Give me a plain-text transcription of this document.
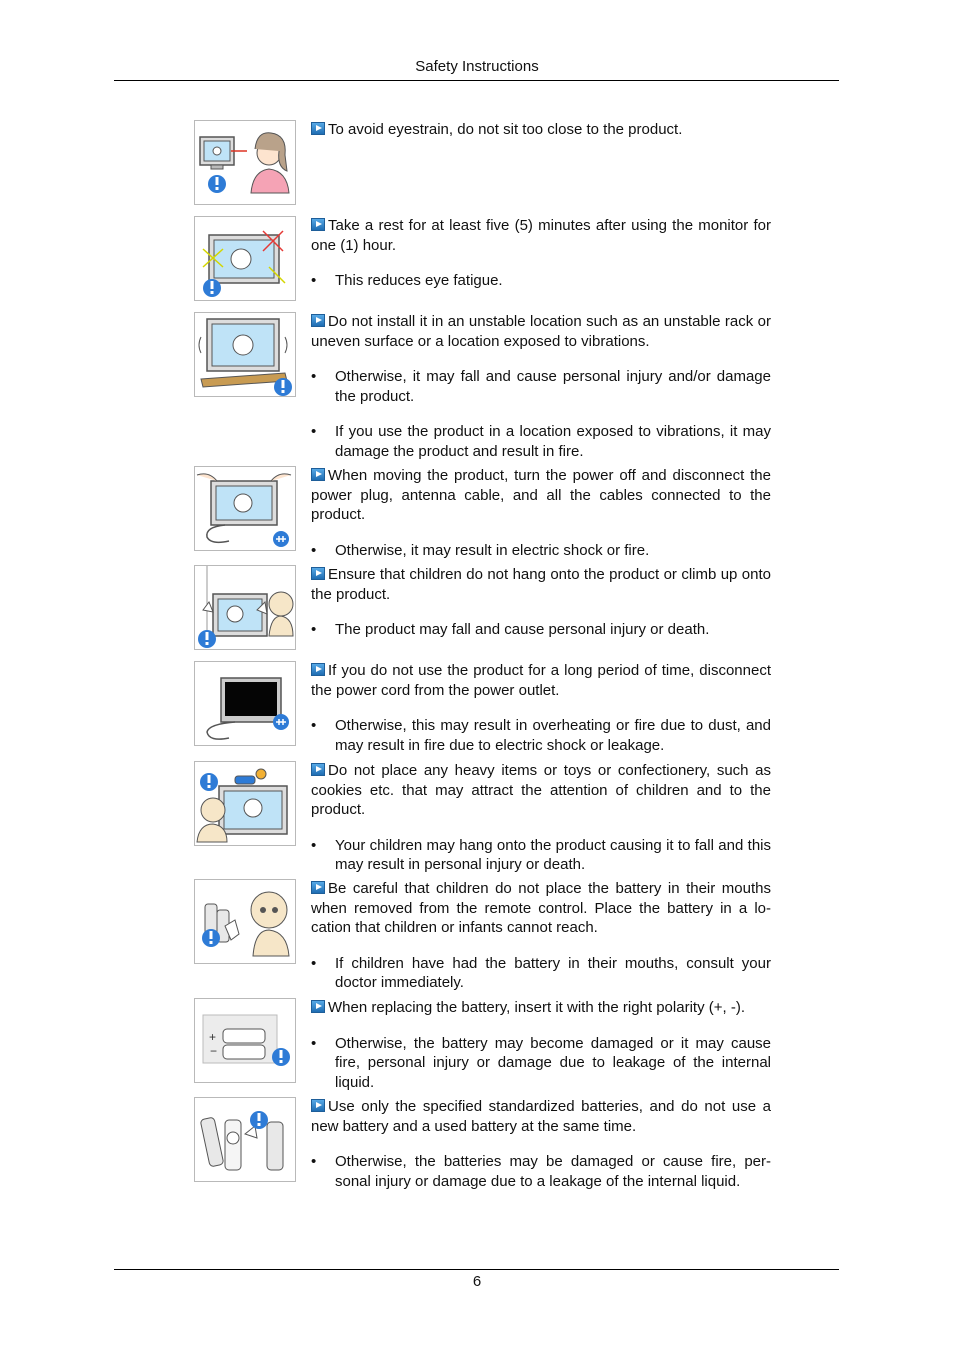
Safety Instructions

To avoid eyestrain, do not sit too close to the product.

Take a rest for at least five (5) minutes after using the monitor for one (1) hour.

• This reduces eye fatigue.

Do not install it in an unstable location such as an unstable rack or uneven surface or a location exposed to vibrations.

• Otherwise, it may fall and cause personal injury and/or damage the product.

• If you use the product in a location exposed to vibrations, it may damage the product and result in fire.

When moving the product, turn the power off and disconnect the power plug, antenna cable, and all the cables connected to the product.

• Otherwise, it may result in electric shock or fire.

Ensure that children do not hang onto the product or climb up onto the product.

• The product may fall and cause personal injury or death.

If you do not use the product for a long period of time, disconnect the power cord from the power outlet.

• Otherwise, this may result in overheating or fire due to dust, and may result in fire due to electric shock or leakage.

Do not place any heavy items or toys or confectionery, such as cookies etc. that may attract the attention of children and to the product.

• Your children may hang onto the product causing it to fall and this may result in personal injury or death.

Be careful that children do not place the battery in their mouths when removed from the remote control. Place the battery in a lo-cation that children or infants cannot reach.

• If children have had the battery in their mouths, consult your doctor immediately.

+
−

When replacing the battery, insert it with the right polarity (+, -).

• Otherwise, the battery may become damaged or it may cause fire, personal injury or damage due to leakage of the internal liquid.

Use only the specified standardized batteries, and do not use a new battery and a used battery at the same time.

• Otherwise, the batteries may be damaged or cause fire, per-sonal injury or damage due to a leakage of the internal liquid.

6
